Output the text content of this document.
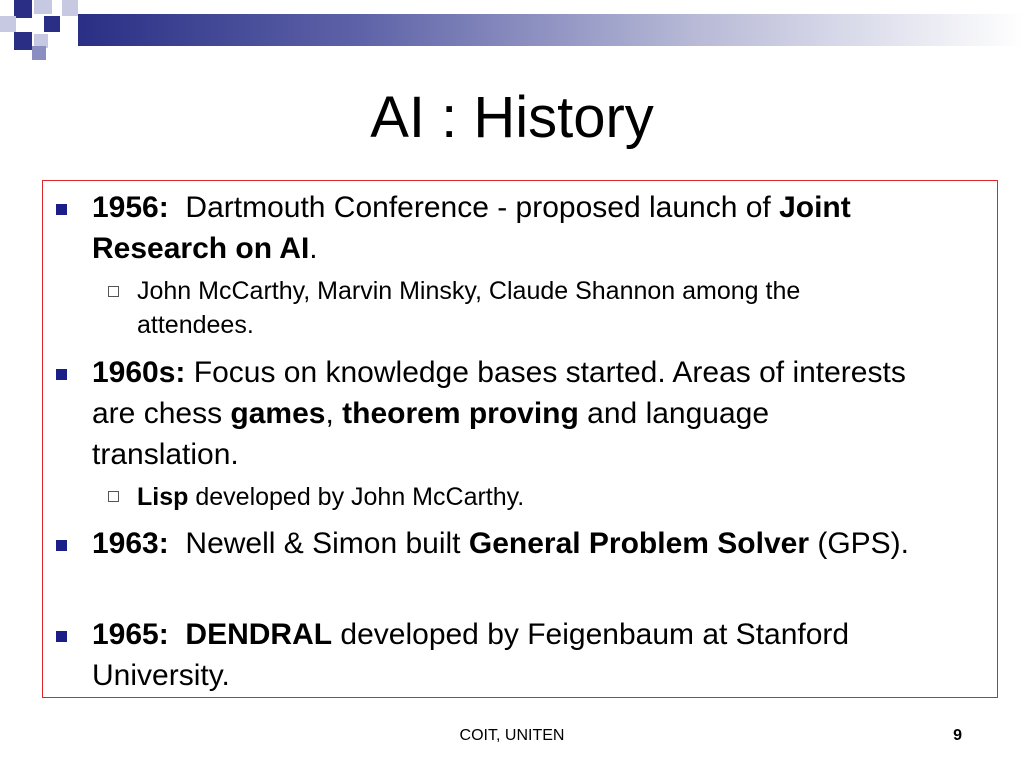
AI : History
1956:  Dartmouth Conference - proposed launch of Joint Research on AI.
John McCarthy, Marvin Minsky, Claude Shannon among the attendees.
1960s: Focus on knowledge bases started. Areas of interests are chess games, theorem proving and language translation.
Lisp developed by John McCarthy.
1963:  Newell & Simon built General Problem Solver (GPS).
1965:  DENDRAL developed by Feigenbaum at Stanford University.
COIT, UNITEN	9
